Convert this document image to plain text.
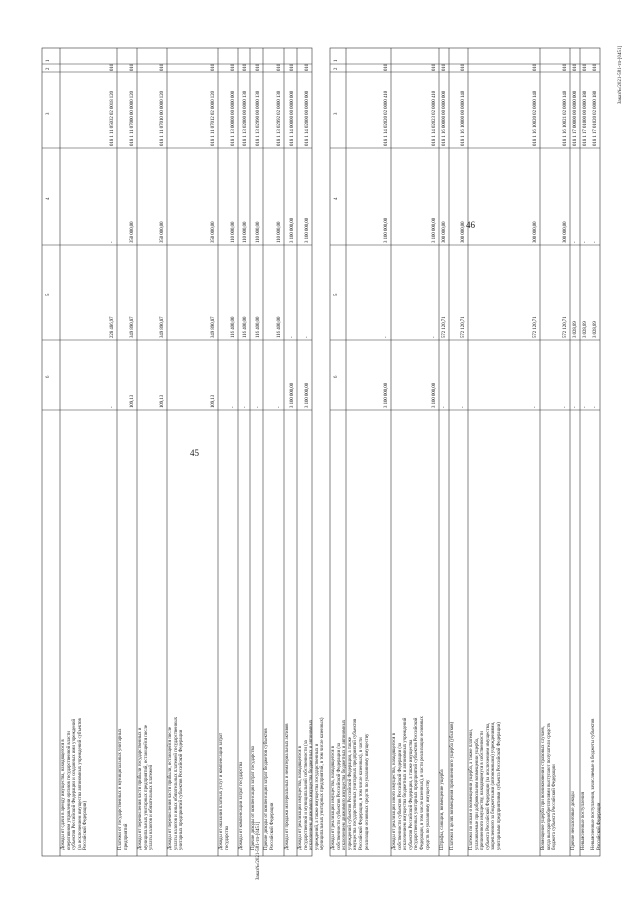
45
46
Заказ№/2021-581-тп-[0451]
Заказ№/2021-581-тп-[0451]
1
2
3
4
5
6
Доходы от сдачи в аренду имущества, находящегося в оперативном управлении органов государственной власти субъектов Российской Федерации и созданных ими учреждений (за исключением имущества автономных учреждений субъектов Российской Федерации)
010
018 1 11 05032 02 0018 120
-
228 486,97
-
Платежи от государственных и муниципальных унитарных предприятий
010
018 1 11 07000 00 0000 120
350 000,00
349 890,87
109,13
Доходы от перечисления части прибыли государственных и муниципальных унитарных предприятий, остающейся после уплаты налогов и обязательных платежей
010
018 1 11 07010 00 0000 120
350 000,00
349 890,87
109,13
Доходы от перечисления части прибыли, остающейся после уплаты налогов и иных обязательных платежей государственных унитарных предприятий субъектов Российской Федерации
010
018 1 11 07012 02 0000 120
350 000,00
349 890,87
109,13
Доходы от оказания платных услуг и компенсации затрат государства
010
018 1 13 00000 00 0000 000
110 000,00
116 400,00
-
Доходы от компенсации затрат государства
010
018 1 13 02000 00 0000 130
110 000,00
116 400,00
-
Прочие доходы от компенсации затрат государства
010
018 1 13 02990 00 0000 130
110 000,00
116 400,00
-
Прочие доходы от компенсации затрат бюджетов субъектов Российской Федерации
010
018 1 13 02992 02 0000 130
110 000,00
116 400,00
-
Доходы от продажи материальных и нематериальных активов
010
018 1 14 00000 00 0000 000
3 100 000,00
-
3 100 000,00
Доходы от реализации имущества, находящегося в государственной и муниципальной собственности (за исключением движимого имущества бюджетных и автономных учреждений, а также имущества государственных и муниципальных унитарных предприятий, в том числе казенных)
010
018 1 14 02000 00 0000 000
3 100 000,00
-
3 100 000,00
1
2
3
4
5
6
Доходы от реализации имущества, находящегося в собственности субъектов Российской Федерации (за исключением движимого имущества бюджетных и автономных учреждений субъектов Российской Федерации, а также имущества государственных унитарных предприятий субъектов Российской Федерации, в том числе казенных), в части реализации основных средств по указанному имуществу
010
018 1 14 02020 02 0000 410
3 100 000,00
-
3 100 000,00
Доходы от реализации иного имущества, находящегося в собственности субъектов Российской Федерации (за исключением имущества бюджетных и автономных учреждений субъектов Российской Федерации, а также имущества государственных унитарных предприятий субъектов Российской Федерации, в том числе казенных), в части реализации основных средств по указанному имуществу
010
018 1 14 02023 02 0000 410
3 100 000,00
-
3 100 000,00
Штрафы, санкции, возмещение ущерба
010
018 1 16 00000 00 0000 000
300 000,00
572 120,71
-
Платежи в целях возмещения причиненного ущерба (убытков)
010
018 1 16 10000 00 0000 140
300 000,00
572 120,71
-
Платежи по искам о возмещении ущерба, а также платежи, уплачиваемые при добровольном возмещении ущерба, причиненного имуществу, находящемуся в собственности субъекта Российской Федерации (за исключением имущества, закрепленного за бюджетными (автономными) учреждениями, унитарными предприятиями субъекта Российской Федерации)
010
018 1 16 10020 02 0000 140
300 000,00
572 120,71
-
Возмещение ущерба при возникновении страховых случаев, когда выгодоприобретателями выступают получатели средств бюджета субъекта Российской Федерации
010
018 1 16 10021 02 0000 140
300 000,00
572 120,71
-
Прочие неналоговые доходы
010
018 1 17 00000 00 0000 000
-
3 028,89
-
Невыясненные поступления
010
018 1 17 01000 00 0000 180
-
3 028,89
-
Невыясненные поступления, зачисляемые в бюджеты субъектов Российской Федерации
010
018 1 17 01020 02 0000 180
-
3 028,89
-
